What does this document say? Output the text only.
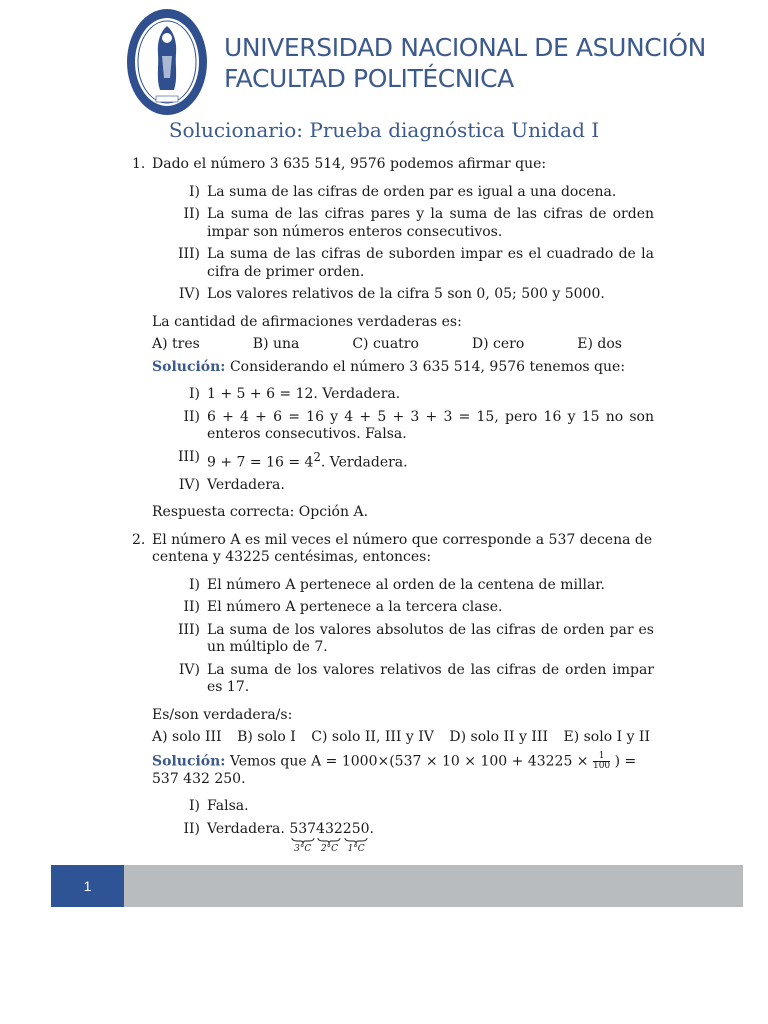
UNIVERSIDAD NACIONAL DE ASUNCIÓN
FACULTAD POLITÉCNICA
Solucionario: Prueba diagnóstica Unidad I
1. Dado el número 3 635 514, 9576 podemos afirmar que:
I) La suma de las cifras de orden par es igual a una docena.
II) La suma de las cifras pares y la suma de las cifras de orden impar son números enteros consecutivos.
III) La suma de las cifras de suborden impar es el cuadrado de la cifra de primer orden.
IV) Los valores relativos de la cifra 5 son 0, 05; 500 y 5000.
La cantidad de afirmaciones verdaderas es:
A) tres	B) una	C) cuatro	D) cero	E) dos
Solución: Considerando el número 3 635 514, 9576 tenemos que:
I) 1 + 5 + 6 = 12. Verdadera.
II) 6 + 4 + 6 = 16 y 4 + 5 + 3 + 3 = 15, pero 16 y 15 no son enteros consecutivos. Falsa.
III) $9 + 7 = 16 = 4^2$. Verdadera.
IV) Verdadera.
Respuesta correcta: Opción A.
2. El número A es mil veces el número que corresponde a 537 decena de centena y 43225 centésimas, entonces:
I) El número A pertenece al orden de la centena de millar.
II) El número A pertenece a la tercera clase.
III) La suma de los valores absolutos de las cifras de orden par es un múltiplo de 7.
IV) La suma de los valores relativos de las cifras de orden impar es 17.
Es/son verdadera/s:
A) solo III B) solo I C) solo II, III y IV D) solo II y III E) solo I y II
Solución: Vemos que $A = 1000\times(537 \times 10 \times 100 + 43225 \times \frac{1}{100}$ ) = 537 432 250.
I) Falsa.
II) Verdadera. 537
3°C
432
2°C
250
1°C
.
1
